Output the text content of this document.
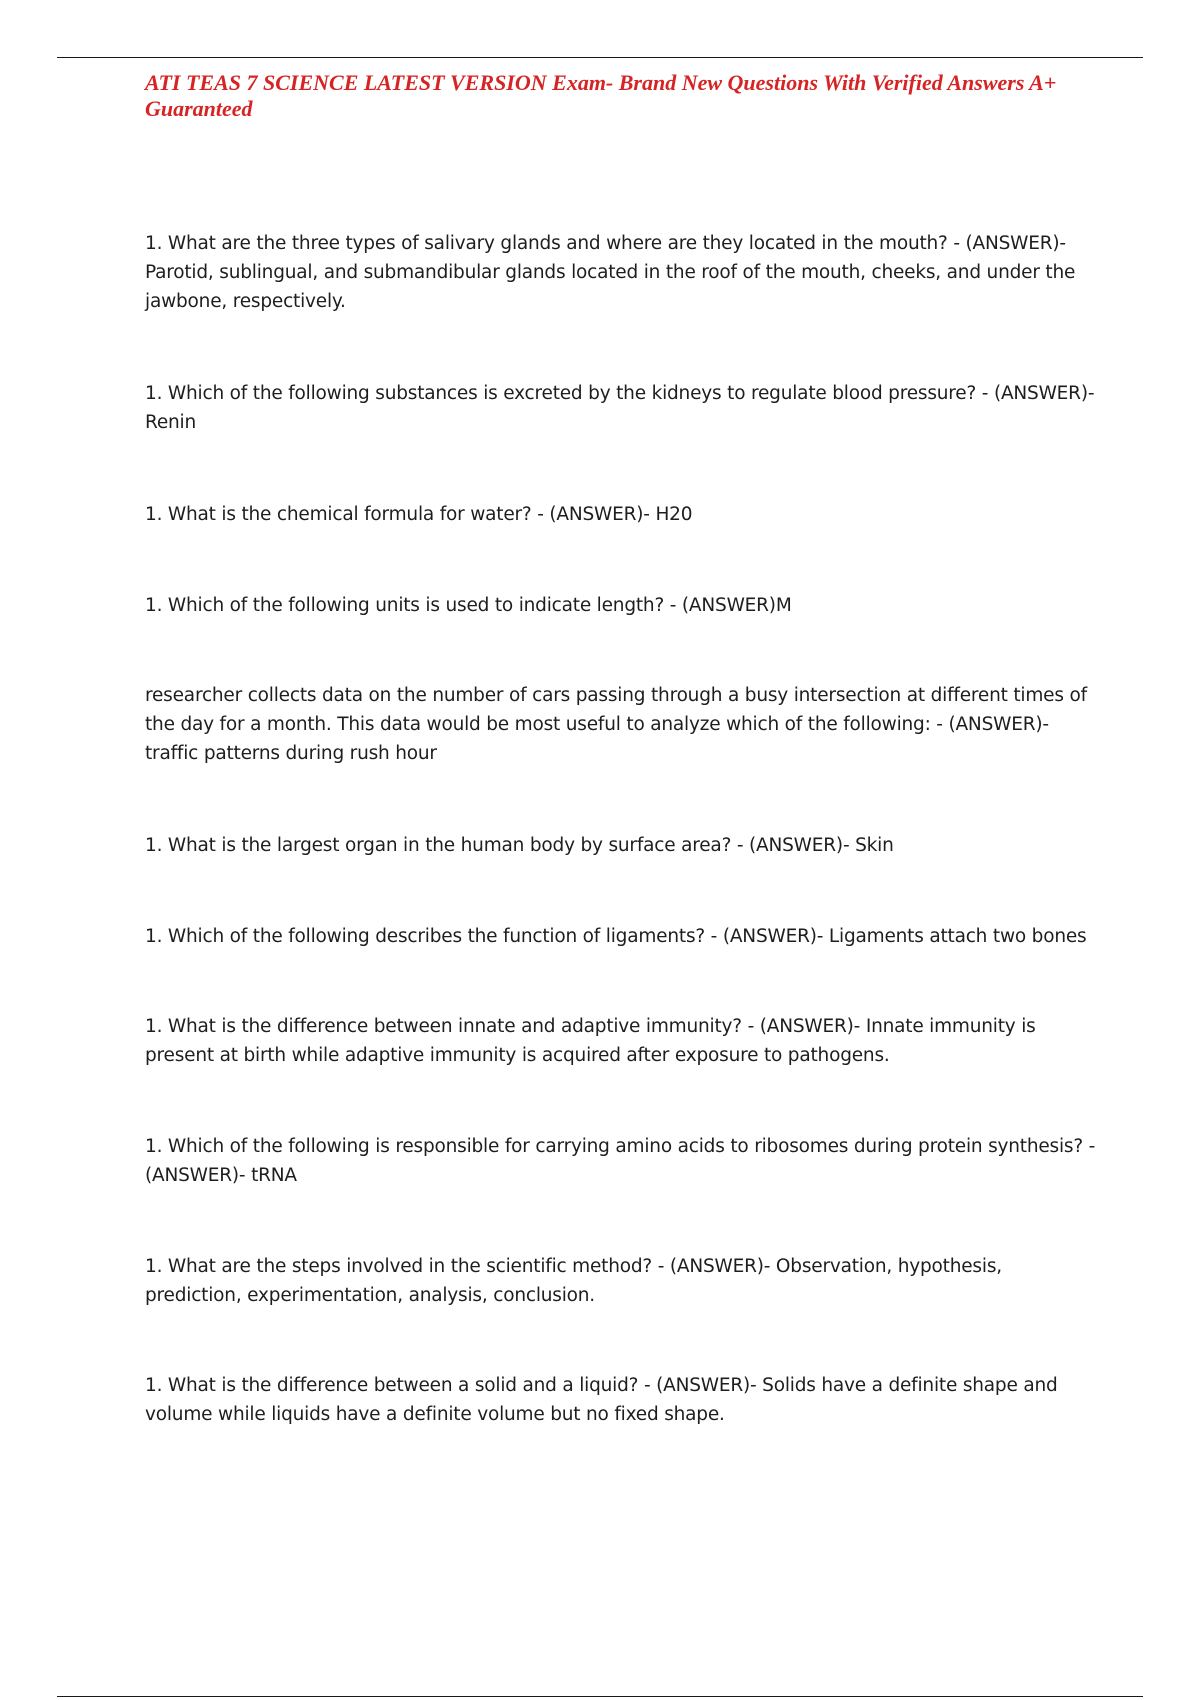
ATI TEAS 7 SCIENCE LATEST VERSION Exam- Brand New Questions With Verified Answers A+ Guaranteed

1. What are the three types of salivary glands and where are they located in the mouth? - (ANSWER)- Parotid, sublingual, and submandibular glands located in the roof of the mouth, cheeks, and under the jawbone, respectively.

1. Which of the following substances is excreted by the kidneys to regulate blood pressure? - (ANSWER)- Renin

1. What is the chemical formula for water? - (ANSWER)- H20

1. Which of the following units is used to indicate length? - (ANSWER)M

researcher collects data on the number of cars passing through a busy intersection at different times of the day for a month. This data would be most useful to analyze which of the following: - (ANSWER)- traffic patterns during rush hour

1. What is the largest organ in the human body by surface area? - (ANSWER)- Skin

1. Which of the following describes the function of ligaments? - (ANSWER)- Ligaments attach two bones

1. What is the difference between innate and adaptive immunity? - (ANSWER)- Innate immunity is present at birth while adaptive immunity is acquired after exposure to pathogens.

1. Which of the following is responsible for carrying amino acids to ribosomes during protein synthesis? - (ANSWER)- tRNA

1. What are the steps involved in the scientific method? - (ANSWER)- Observation, hypothesis, prediction, experimentation, analysis, conclusion.

1. What is the difference between a solid and a liquid? - (ANSWER)- Solids have a definite shape and volume while liquids have a definite volume but no fixed shape.
